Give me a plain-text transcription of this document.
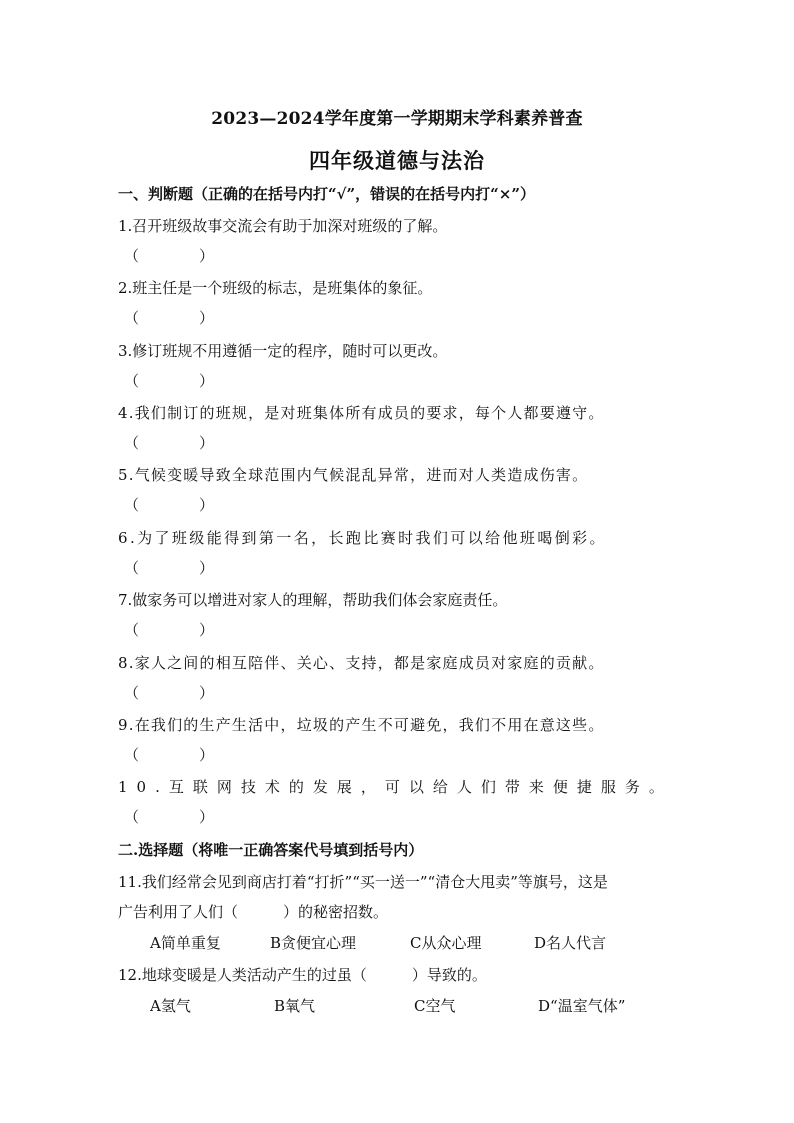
2023—2024学年度第一学期期末学科素养普查
四年级道德与法治
一、判断题（正确的在括号内打“√”，错误的在括号内打“×”）
1.召开班级故事交流会有助于加深对班级的了解。
（　　　　）
2.班主任是一个班级的标志，是班集体的象征。
（　　　　）
3.修订班规不用遵循一定的程序，随时可以更改。
（　　　　）
4.我们制订的班规，是对班集体所有成员的要求，每个人都要遵守。
（　　　　）
5.气候变暖导致全球范围内气候混乱异常，进而对人类造成伤害。
（　　　　）
6.为了班级能得到第一名，长跑比赛时我们可以给他班喝倒彩。
（　　　　）
7.做家务可以增进对家人的理解，帮助我们体会家庭责任。
（　　　　）
8.家人之间的相互陪伴、关心、支持，都是家庭成员对家庭的贡献。
（　　　　）
9.在我们的生产生活中，垃圾的产生不可避免，我们不用在意这些。
（　　　　）
10.互联网技术的发展，可以给人们带来便捷服务。
（　　　　）
二.选择题（将唯一正确答案代号填到括号内）
11.我们经常会见到商店打着“打折”“买一送一”“清仓大甩卖”等旗号，这是
广告利用了人们（　　　）的秘密招数。
A简单重复	B贪便宜心理	C从众心理	D名人代言
12.地球变暖是人类活动产生的过虽（　　　）导致的。
A氢气	B氧气	C空气	D“温室气体”
